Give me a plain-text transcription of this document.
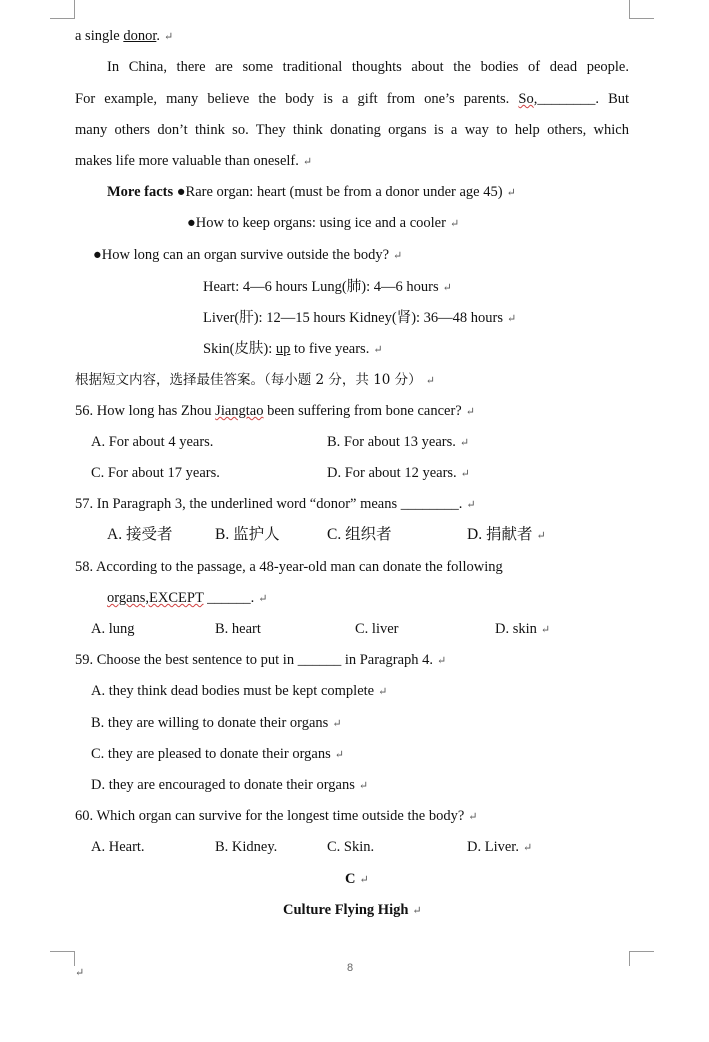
a single donor. ↵
In China, there are some traditional thoughts about the bodies of dead people.
For example, many believe the body is a gift from one’s parents. So,________. But
many others don’t think so. They think donating organs is a way to help others, which
makes life more valuable than oneself. ↵
More facts ●Rare organ: heart (must be from a donor under age 45) ↵
●How to keep organs: using ice and a cooler ↵
●How long can an organ survive outside the body? ↵
Heart: 4—6 hours Lung(肺): 4—6 hours ↵
Liver(肝): 12—15 hours Kidney(肾): 36—48 hours ↵
Skin(皮肤): up to five years. ↵
根据短文内容，选择最佳答案。（每小题 2 分，共 10 分） ↵
56. How long has Zhou Jiangtao been suffering from bone cancer? ↵
A. For about 4 years.	B. For about 13 years. ↵
C. For about 17 years.	D. For about 12 years. ↵
57. In Paragraph 3, the underlined word “donor” means ________. ↵
A. 接受者	B. 监护人	C. 组织者	D. 捐献者 ↵
58. According to the passage, a 48-year-old man can donate the following
organs,EXCEPT ______. ↵
A. lung	B. heart	C. liver	D. skin ↵
59. Choose the best sentence to put in ______ in Paragraph 4. ↵
A. they think dead bodies must be kept complete ↵
B. they are willing to donate their organs ↵
C. they are pleased to donate their organs ↵
D. they are encouraged to donate their organs ↵
60. Which organ can survive for the longest time outside the body? ↵
A. Heart.	B. Kidney.	C. Skin.	D. Liver. ↵
C ↵
Culture Flying High ↵
↵	8
